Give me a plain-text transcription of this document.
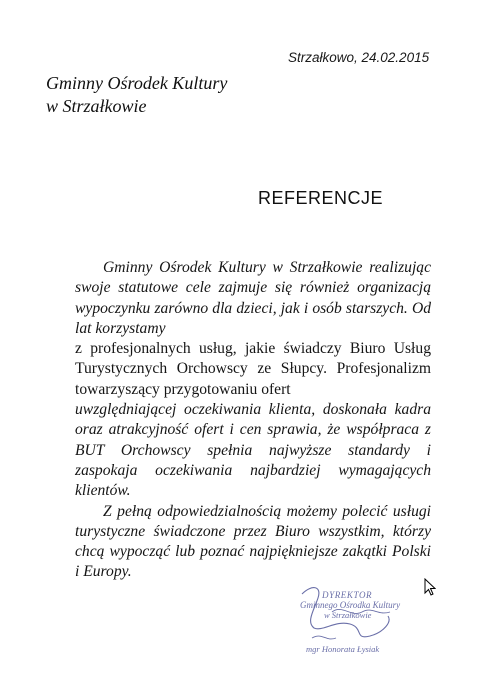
Strzałkowo, 24.02.2015
Gminny Ośrodek Kultury
w Strzałkowie
REFERENCJE

Gminny Ośrodek Kultury w Strzałkowie realizując swoje statutowe cele zajmuje się również organizacją wypoczynku zarówno dla dzieci, jak i osób starszych. Od lat korzystamy

z profesjonalnych usług, jakie świadczy Biuro Usług Turystycznych Orchowscy ze Słupcy. Profesjonalizm towarzyszący przygotowaniu ofert

uwzględniającej oczekiwania klienta, doskonała kadra oraz atrakcyjność ofert i cen sprawia, że współpraca z BUT Orchowscy spełnia najwyższe standardy i zaspokaja oczekiwania najbardziej wymagających klientów.

Z pełną odpowiedzialnością możemy polecić usługi turystyczne świadczone przez Biuro wszystkim, którzy chcą wypocząć lub poznać najpiękniejsze zakątki Polski i Europy.

DYREKTOR
Gminnego Ośrodka Kultury
w Strzałkowie
mgr Honorata Łysiak
